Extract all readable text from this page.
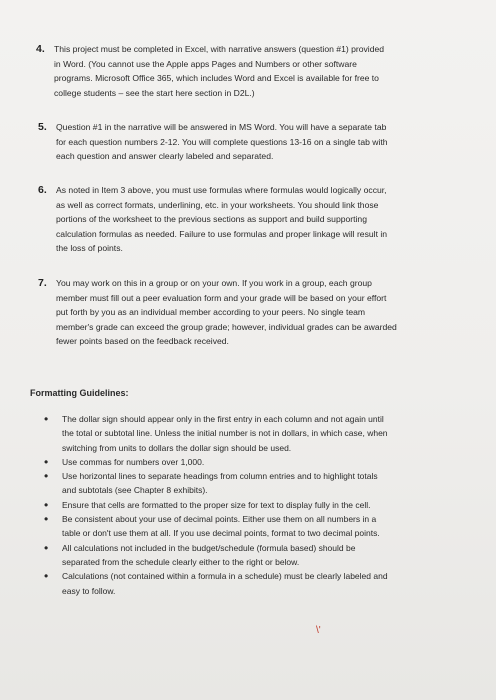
4. This project must be completed in Excel, with narrative answers (question #1) provided
in Word. (You cannot use the Apple apps Pages and Numbers or other software
programs. Microsoft Office 365, which includes Word and Excel is available for free to
college students – see the start here section in D2L.)
5. Question #1 in the narrative will be answered in MS Word. You will have a separate tab
for each question numbers 2-12. You will complete questions 13-16 on a single tab with
each question and answer clearly labeled and separated.
6. As noted in Item 3 above, you must use formulas where formulas would logically occur,
as well as correct formats, underlining, etc. in your worksheets. You should link those
portions of the worksheet to the previous sections as support and build supporting
calculation formulas as needed. Failure to use formulas and proper linkage will result in
the loss of points.
7. You may work on this in a group or on your own. If you work in a group, each group
member must fill out a peer evaluation form and your grade will be based on your effort
put forth by you as an individual member according to your peers. No single team
member's grade can exceed the group grade; however, individual grades can be awarded
fewer points based on the feedback received.
Formatting Guidelines:
• The dollar sign should appear only in the first entry in each column and not again until
the total or subtotal line. Unless the initial number is not in dollars, in which case, when
switching from units to dollars the dollar sign should be used.
• Use commas for numbers over 1,000.
• Use horizontal lines to separate headings from column entries and to highlight totals
and subtotals (see Chapter 8 exhibits).
• Ensure that cells are formatted to the proper size for text to display fully in the cell.
• Be consistent about your use of decimal points. Either use them on all numbers in a
table or don't use them at all. If you use decimal points, format to two decimal points.
• All calculations not included in the budget/schedule (formula based) should be
separated from the schedule clearly either to the right or below.
• Calculations (not contained within a formula in a schedule) must be clearly labeled and
easy to follow.
\'
